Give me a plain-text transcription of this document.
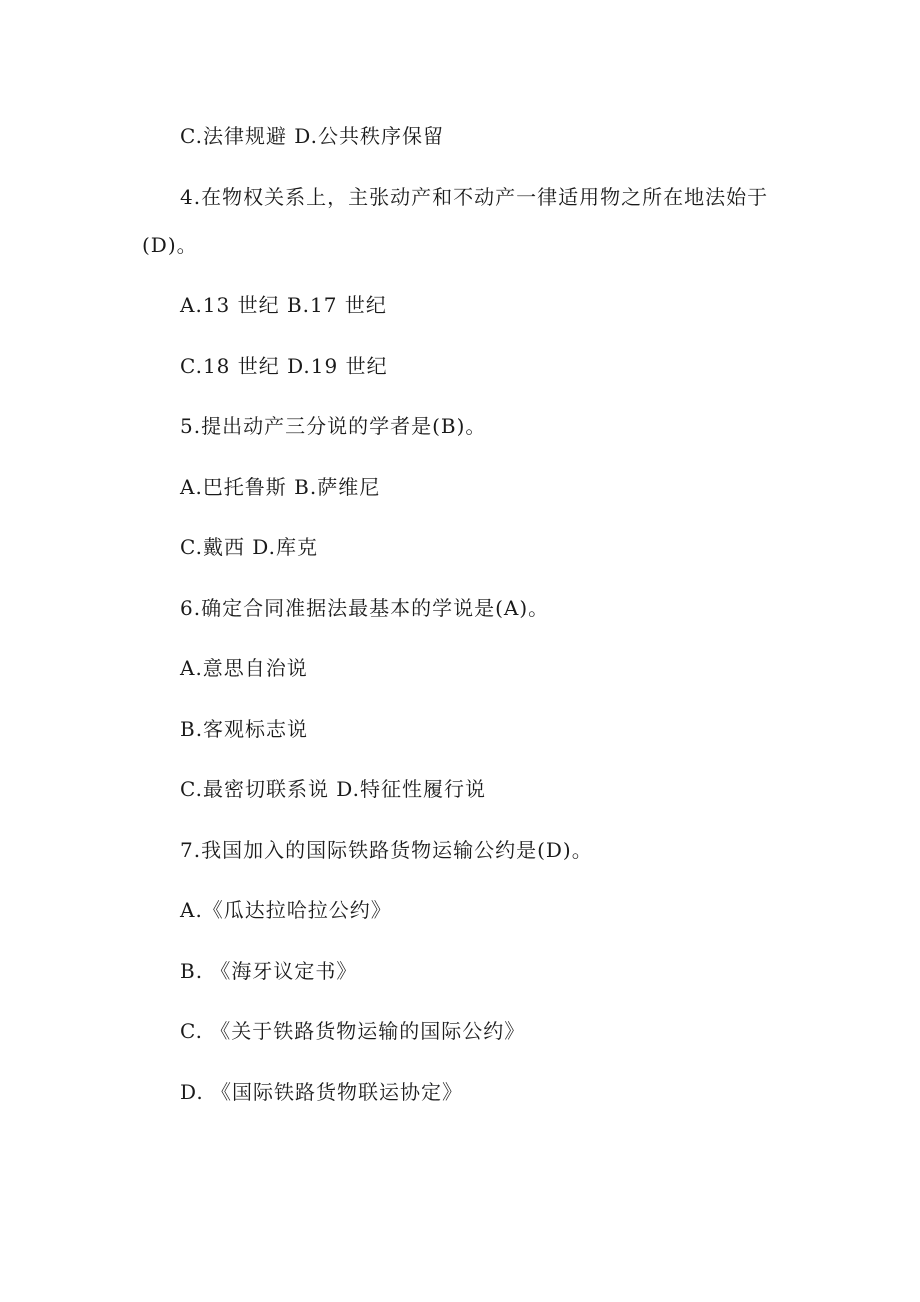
C.法律规避 D.公共秩序保留
4.在物权关系上，主张动产和不动产一律适用物之所在地法始于
(D)。
A.13 世纪 B.17 世纪
C.18 世纪 D.19 世纪
5.提出动产三分说的学者是(B)。
A.巴托鲁斯 B.萨维尼
C.戴西 D.库克
6.确定合同准据法最基本的学说是(A)。
A.意思自治说
B.客观标志说
C.最密切联系说 D.特征性履行说
7.我国加入的国际铁路货物运输公约是(D)。
A.《瓜达拉哈拉公约》
B. 《海牙议定书》
C. 《关于铁路货物运输的国际公约》
D. 《国际铁路货物联运协定》
